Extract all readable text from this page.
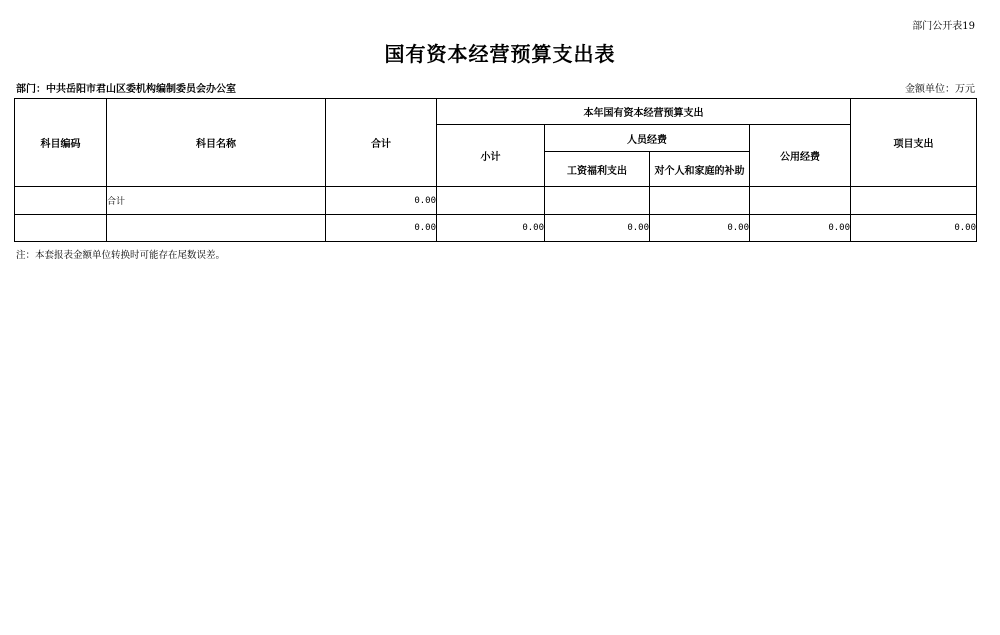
部门公开表19
国有资本经营预算支出表
部门：中共岳阳市君山区委机构编制委员会办公室	金额单位：万元
科目编码	科目名称	合计	本年国有资本经营预算支出				项目支出
			小计	人员经费		公用经费	
				工资福利支出	对个人和家庭的补助		
	合计	0.00					
		0.00	0.00	0.00	0.00	0.00	0.00
注：本套报表金额单位转换时可能存在尾数误差。
